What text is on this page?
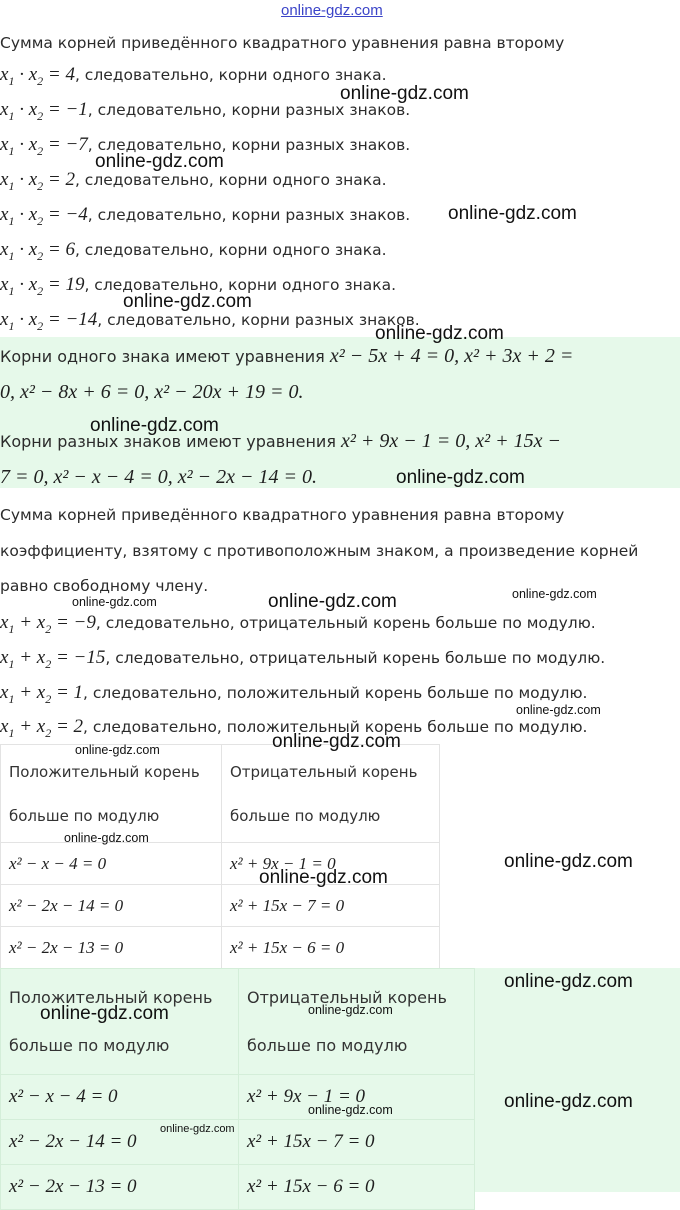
onlіne-gdz.com
Сумма корней приведённого квадратного уравнения равна второму
$x_1 \cdot x_2 = 4$, следовательно, корни одного знака.
$x_1 \cdot x_2 = -1$, следовательно, корни разных знаков.
$x_1 \cdot x_2 = -7$, следовательно, корни разных знаков.
$x_1 \cdot x_2 = 2$, следовательно, корни одного знака.
$x_1 \cdot x_2 = -4$, следовательно, корни разных знаков.
$x_1 \cdot x_2 = 6$, следовательно, корни одного знака.
$x_1 \cdot x_2 = 19$, следовательно, корни одного знака.
$x_1 \cdot x_2 = -14$, следовательно, корни разных знаков.
Корни одного знака имеют уравнения x² − 5x + 4 = 0, x² + 3x + 2 =
0, x² − 8x + 6 = 0, x² − 20x + 19 = 0.
Корни разных знаков имеют уравнения x² + 9x − 1 = 0, x² + 15x −
7 = 0, x² − x − 4 = 0, x² − 2x − 14 = 0.
Сумма корней приведённого квадратного уравнения равна второму
коэффициенту, взятому с противоположным знаком, а произведение корней
равно свободному члену.
$x_1 + x_2 = -9$, следовательно, отрицательный корень больше по модулю.
$x_1 + x_2 = -15$, следовательно, отрицательный корень больше по модулю.
$x_1 + x_2 = 1$, следовательно, положительный корень больше по модулю.
$x_1 + x_2 = 2$, следовательно, положительный корень больше по модулю.
Положительный корень
больше по модулю	Отрицательный корень
больше по модулю

x² − x − 4 = 0	x² + 9x − 1 = 0
x² − 2x − 14 = 0	x² + 15x − 7 = 0
x² − 2x − 13 = 0	x² + 15x − 6 = 0
Положительный корень
больше по модулю	Отрицательный корень
больше по модулю

x² − x − 4 = 0	x² + 9x − 1 = 0
x² − 2x − 14 = 0	x² + 15x − 7 = 0
x² − 2x − 13 = 0	x² + 15x − 6 = 0
online-gdz.com
online-gdz.com
online-gdz.com
online-gdz.com
online-gdz.com
online-gdz.com
online-gdz.com
online-gdz.com	online-gdz.com	online-gdz.com
online-gdz.com
online-gdz.com
online-gdz.com
online-gdz.com
online-gdz.com
online-gdz.com
online-gdz.com
online-gdz.com	online-gdz.com
online-gdz.com
online-gdz.com
online-gdz.com
